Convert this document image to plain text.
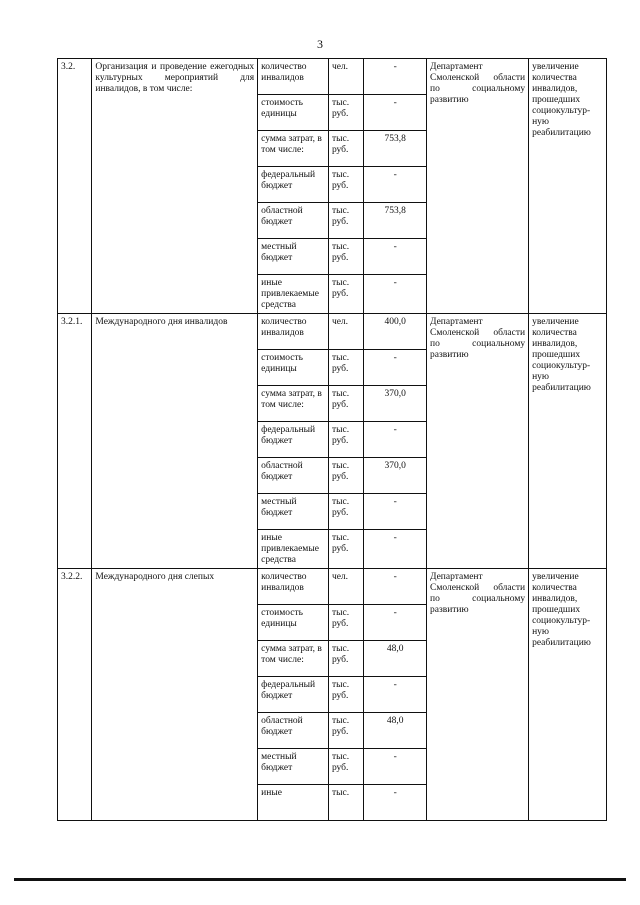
3
3.2.	Организация и проведение ежегодных культурных мероприятий для инвалидов, в том числе:	количество инвалидов	чел.	-	Департамент Смоленской области по социальному развитию	увеличение количества инвалидов, прошедших социокультур-ную реабилитацию
		стоимость единицы	тыс. руб.	-		
		сумма затрат, в том числе:	тыс. руб.	753,8		
		федеральный бюджет	тыс. руб.	-		
		областной бюджет	тыс. руб.	753,8		
		местный бюджет	тыс. руб.	-		
		иные привлекаемые средства	тыс. руб.	-		
3.2.1.	Международного дня инвалидов	количество инвалидов	чел.	400,0	Департамент Смоленской области по социальному развитию	увеличение количества инвалидов, прошедших социокультур-ную реабилитацию
		стоимость единицы	тыс. руб.	-		
		сумма затрат, в том числе:	тыс. руб.	370,0		
		федеральный бюджет	тыс. руб.	-		
		областной бюджет	тыс. руб.	370,0		
		местный бюджет	тыс. руб.	-		
		иные привлекаемые средства	тыс. руб.	-		
3.2.2.	Международного дня слепых	количество инвалидов	чел.	-	Департамент Смоленской области по социальному развитию	увеличение количества инвалидов, прошедших социокультур-ную реабилитацию
		стоимость единицы	тыс. руб.	-		
		сумма затрат, в том числе:	тыс. руб.	48,0		
		федеральный бюджет	тыс. руб.	-		
		областной бюджет	тыс. руб.	48,0		
		местный бюджет	тыс. руб.	-		
		иные	тыс.	-		
